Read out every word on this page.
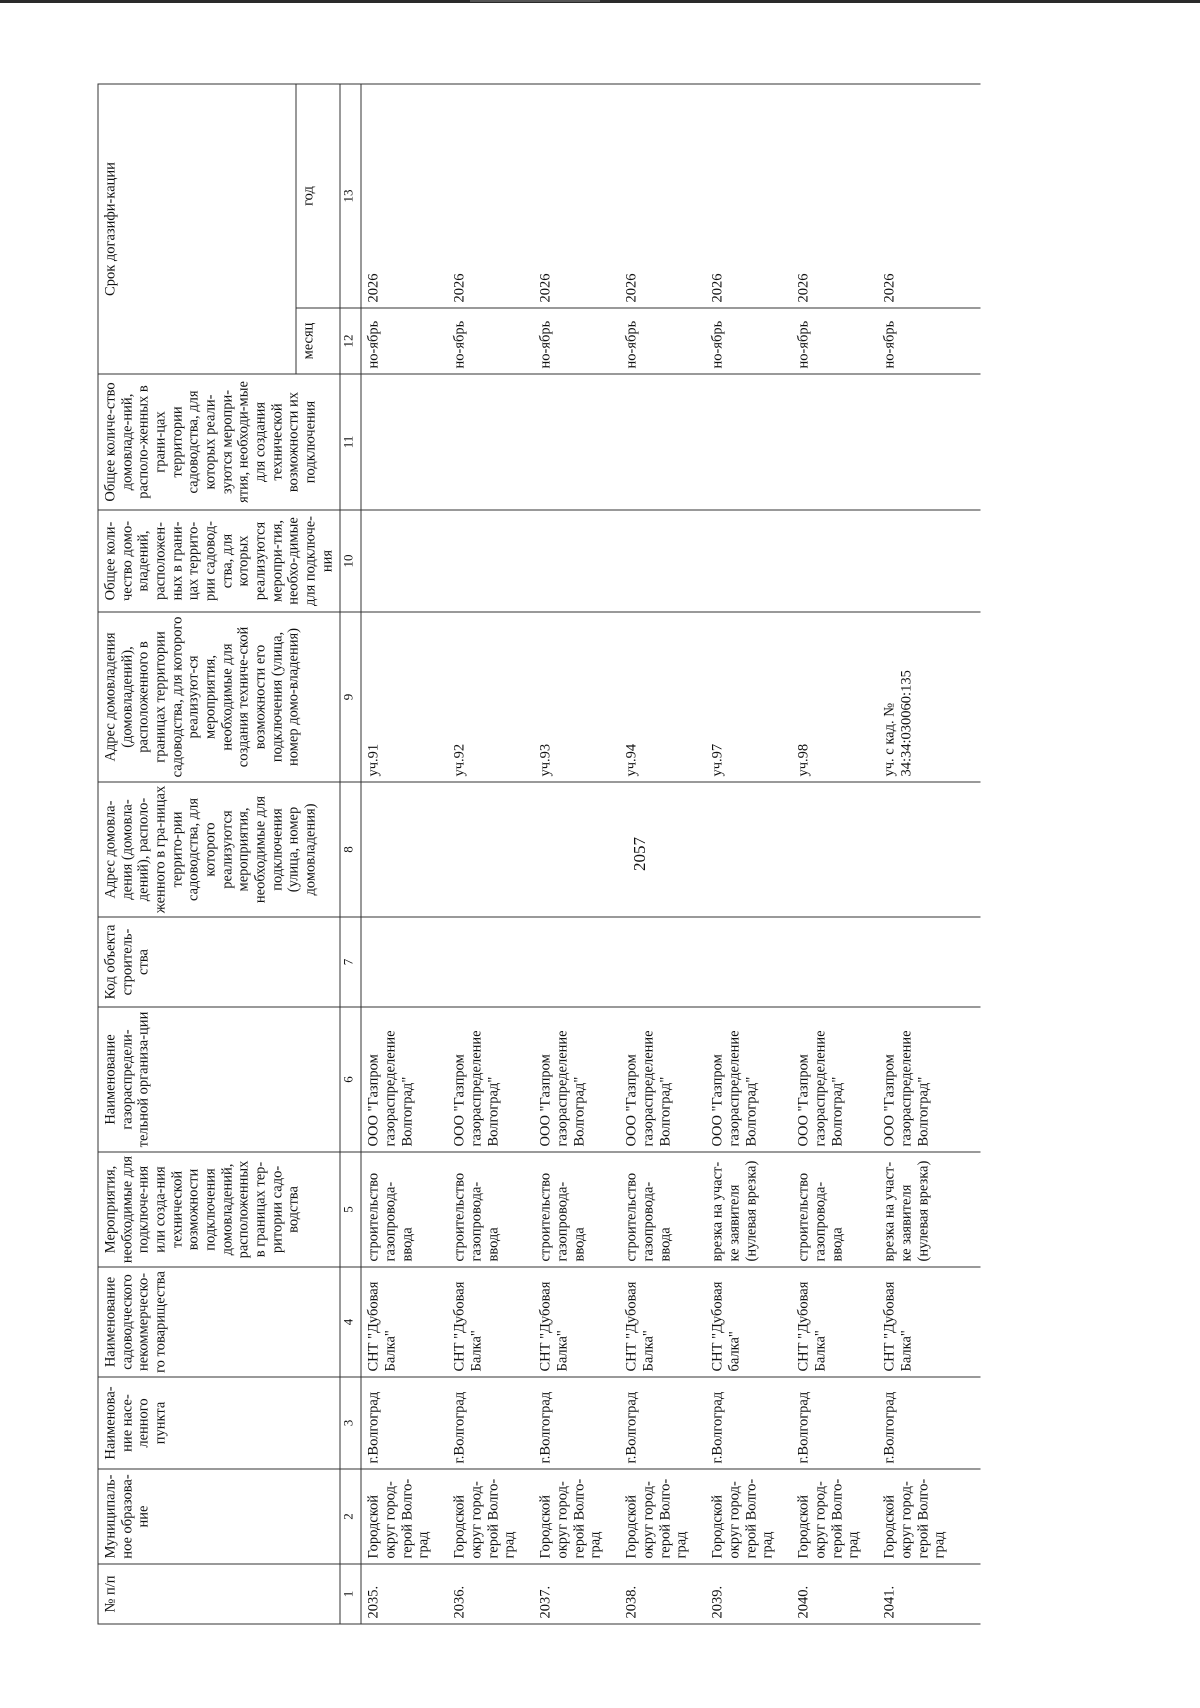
2057
№ п/п	Муниципаль-ное образова-ние	Наименова-ние насе-ленного пункта	Наименование садоводческого некоммерческо-го товарищества	Мероприятия, необходимые для подключе-ния или созда-ния технической возможности подключения домовладений, расположенных в границах тер-ритории садо-водства	Наименование газораспредели-тельной организа-ции	Код объекта строитель-ства	Адрес домовла-дения (домовла-дений), располо-женного в гра-ницах террито-рии садоводства, для которого реализуются мероприятия, необходимые для подключения (улица, номер домовладения)	Адрес домовладения (домовладений), расположенного в границах территории садоводства, для которого реализуют-ся мероприятия, необходимые для создания техниче-ской возможности его подключения (улица, номер домо-владения)	Общее коли-чество домо-владений, расположен-ных в грани-цах террито-рии садовод-ства, для которых реализуются меропри-тия, необхо-димые для подключе-ния	Общее количе-ство домовладе-ний, располо-женных в грани-цах территории садоводства, для которых реали-зуются меропри-ятия, необходи-мые для создания технической возможности их подключения	Срок догазифи-кации	
											месяц	год
1	2	3	4	5	6	7	8	9	10	11	12	13
2035.	Городской округ город-герой Волго-град	г.Волгоград	СНТ "Дубовая Балка"	строительство газопровода-ввода	ООО "Газпром газораспределение Волгоград"			уч.91			но-ябрь	2026
2036.	Городской округ город-герой Волго-град	г.Волгоград	СНТ "Дубовая Балка"	строительство газопровода-ввода	ООО "Газпром газораспределение Волгоград"			уч.92			но-ябрь	2026
2037.	Городской округ город-герой Волго-град	г.Волгоград	СНТ "Дубовая Балка"	строительство газопровода-ввода	ООО "Газпром газораспределение Волгоград"			уч.93			но-ябрь	2026
2038.	Городской округ город-герой Волго-град	г.Волгоград	СНТ "Дубовая Балка"	строительство газопровода-ввода	ООО "Газпром газораспределение Волгоград"			уч.94			но-ябрь	2026
2039.	Городской округ город-герой Волго-град	г.Волгоград	СНТ "Дубовая балка"	врезка на участ-ке заявителя (нулевая врезка)	ООО "Газпром газораспределение Волгоград"			уч.97			но-ябрь	2026
2040.	Городской округ город-герой Волго-град	г.Волгоград	СНТ "Дубовая Балка"	строительство газопровода-ввода	ООО "Газпром газораспределение Волгоград"			уч.98			но-ябрь	2026
2041.	Городской округ город-герой Волго-град	г.Волгоград	СНТ "Дубовая Балка"	врезка на участ-ке заявителя (нулевая врезка)	ООО "Газпром газораспределение Волгоград"			уч. с кад. № 34:34:030060:135			но-ябрь	2026
